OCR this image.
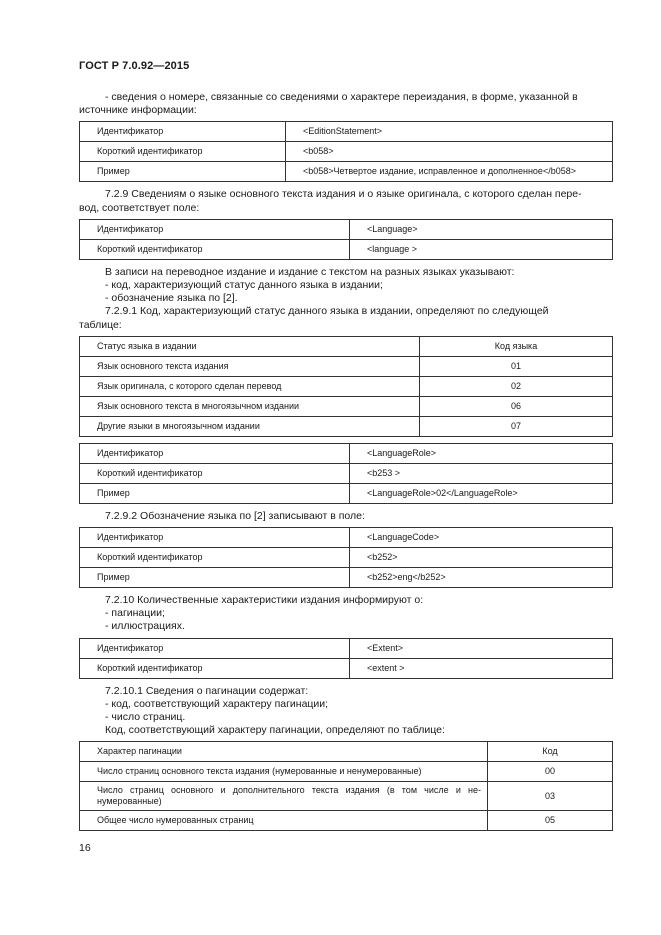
ГОСТ Р 7.0.92—2015

- сведения о номере, связанные со сведениями о характере переиздания, в форме, указанной в

источнике информации:

Идентификатор	<EditionStatement>
Короткий идентификатор	<b058>
Пример	<b058>Четвертое издание, исправленное и дополненное</b058>

7.2.9 Сведениям о языке основного текста издания и о языке оригинала, с которого сделан пере-

вод, соответствует поле:

Идентификатор	<Language>
Короткий идентификатор	<language >

В записи на переводное издание и издание с текстом на разных языках указывают:

- код, характеризующий статус данного языка в издании;

- обозначение языка по [2].

7.2.9.1 Код, характеризующий статус данного языка в издании, определяют по следующей

таблице:

Статус языка в издании	Код языка
Язык основного текста издания	01
Язык оригинала, с которого сделан перевод	02
Язык основного текста в многоязычном издании	06
Другие языки в многоязычном издании	07
Идентификатор	<LanguageRole>
Короткий идентификатор	<b253 >
Пример	<LanguageRole>02</LanguageRole>

7.2.9.2 Обозначение языка по [2] записывают в поле:

Идентификатор	<LanguageCode>
Короткий идентификатор	<b252>
Пример	<b252>eng</b252>

7.2.10 Количественные характеристики издания информируют о:

- пагинации;

- иллюстрациях.

Идентификатор	<Extent>
Короткий идентификатор	<extent >

7.2.10.1 Сведения о пагинации содержат:

- код, соответствующий характеру пагинации;

- число страниц.

Код, соответствующий характеру пагинации, определяют по таблице:

Характер пагинации	Код
Число страниц основного текста издания (нумерованные и ненумерованные)	00
Число страниц основного и дополнительного текста издания (в том числе и не-нумерованные)	03
Общее число нумерованных страниц	05
16
